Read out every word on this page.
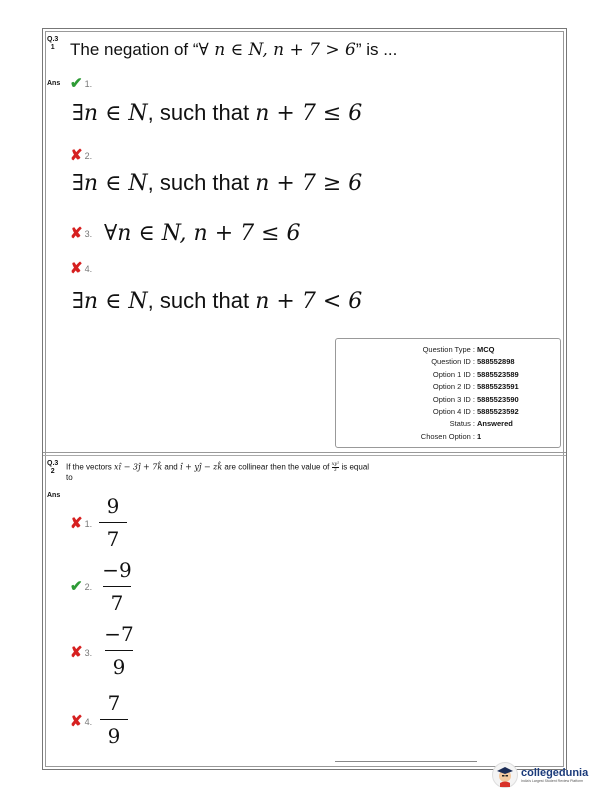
Q.3
1 The negation of “∀ n ∈ N, n + 7 > 6” is ...
Ans ✔ 1.
∃n ∈ N, such that n + 7 ≤ 6
✘ 2.
∃n ∈ N, such that n + 7 ≥ 6
✘ 3. ∀n ∈ N, n + 7 ≤ 6
✘ 4.
∃n ∈ N, such that n + 7 < 6
Question Type : MCQ
Question ID : 588552898
Option 1 ID : 5885523589
Option 2 ID : 5885523591
Option 3 ID : 5885523590
Option 4 ID : 5885523592
Status : Answered
Chosen Option : 1
Q.3
2	If the vectors xî − 3ĵ + 7k̂ and î + yĵ − zk̂ are collinear then the value of $\frac{\text{xy²}}{z}$ is equal
to
Ans
✘ 1.
9
7
✔ 2.
−9
7
✘ 3.
−7
9
✘ 4.
7
9
collegedunia
India's Largest Student Review Platform
